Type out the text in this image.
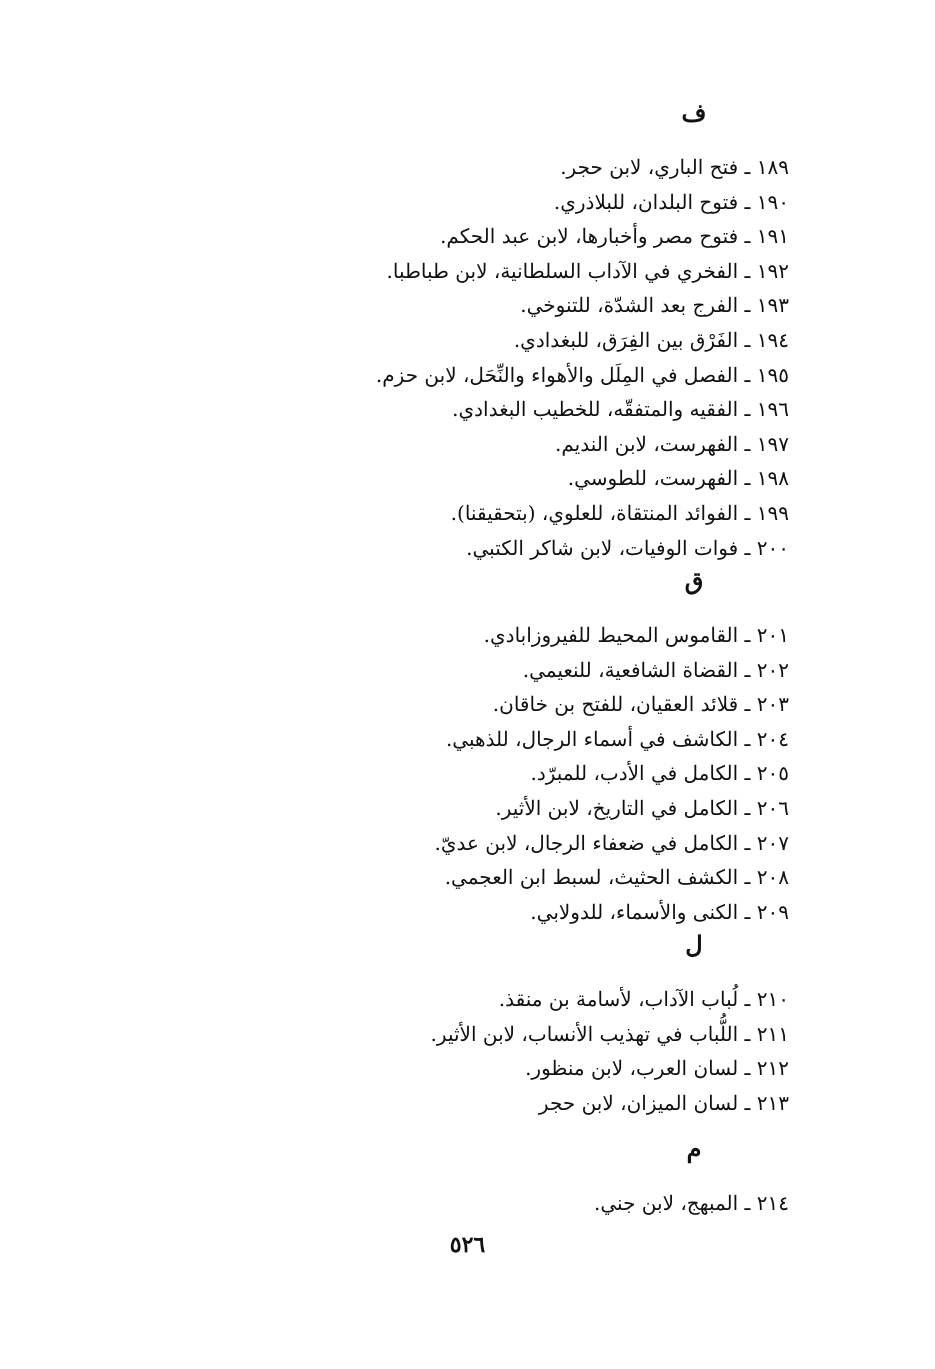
ف
١٨٩ ـ فتح الباري، لابن حجر.
١٩٠ ـ فتوح البلدان، للبلاذري.
١٩١ ـ فتوح مصر وأخبارها، لابن عبد الحكم.
١٩٢ ـ الفخري في الآداب السلطانية، لابن طباطبا.
١٩٣ ـ الفرج بعد الشدّة، للتنوخي.
١٩٤ ـ الفَرْق بين الفِرَق، للبغدادي.
١٩٥ ـ الفصل في المِلَل والأهواء والنِّحَل، لابن حزم.
١٩٦ ـ الفقيه والمتفقّه، للخطيب البغدادي.
١٩٧ ـ الفهرست، لابن النديم.
١٩٨ ـ الفهرست، للطوسي.
١٩٩ ـ الفوائد المنتقاة، للعلوي، (بتحقيقنا).
٢٠٠ ـ فوات الوفيات، لابن شاكر الكتبي.
ق
٢٠١ ـ القاموس المحيط للفيروزابادي.
٢٠٢ ـ القضاة الشافعية، للنعيمي.
٢٠٣ ـ قلائد العقيان، للفتح بن خاقان.
٢٠٤ ـ الكاشف في أسماء الرجال، للذهبي.
٢٠٥ ـ الكامل في الأدب، للمبرّد.
٢٠٦ ـ الكامل في التاريخ، لابن الأثير.
٢٠٧ ـ الكامل في ضعفاء الرجال، لابن عديّ.
٢٠٨ ـ الكشف الحثيث، لسبط ابن العجمي.
٢٠٩ ـ الكنى والأسماء، للدولابي.
ل
٢١٠ ـ لُباب الآداب، لأسامة بن منقذ.
٢١١ ـ اللُّباب في تهذيب الأنساب، لابن الأثير.
٢١٢ ـ لسان العرب، لابن منظور.
٢١٣ ـ لسان الميزان، لابن حجر
م
٢١٤ ـ المبهج، لابن جني.
٥٢٦
